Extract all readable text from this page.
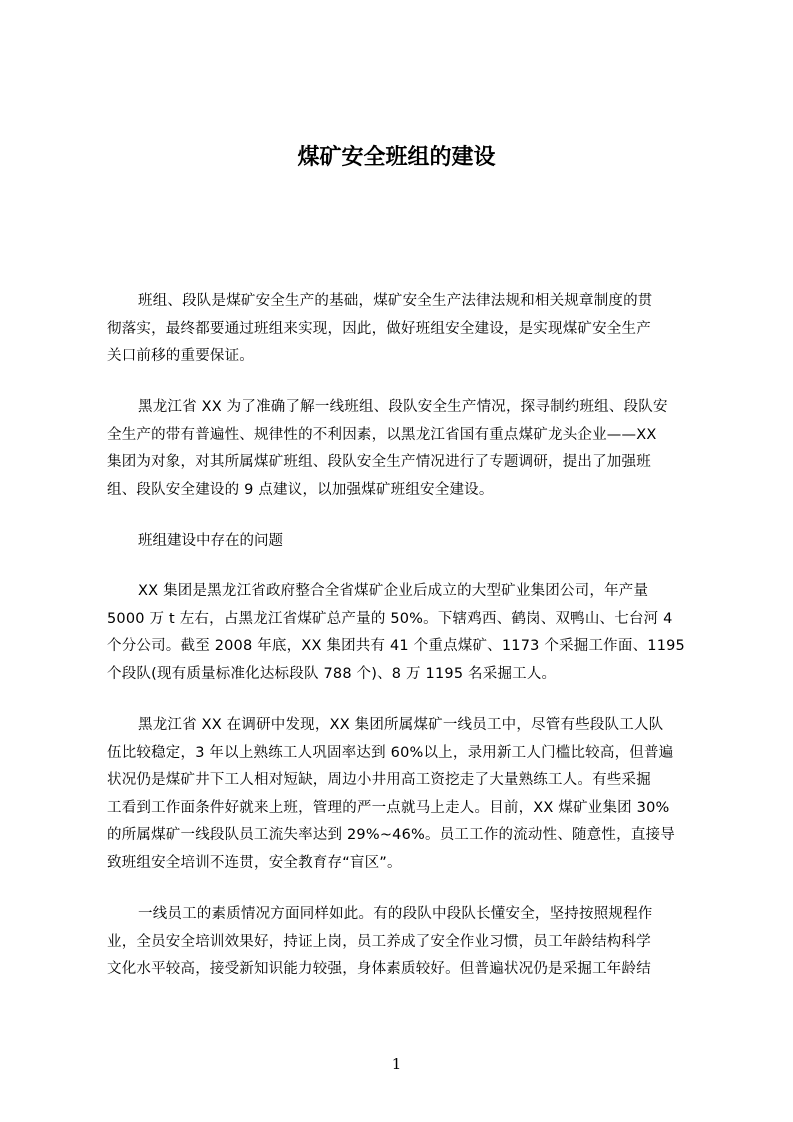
煤矿安全班组的建设

班组、段队是煤矿安全生产的基础，煤矿安全生产法律法规和相关规章制度的贯
彻落实，最终都要通过班组来实现，因此，做好班组安全建设，是实现煤矿安全生产
关口前移的重要保证。

黑龙江省 XX 为了准确了解一线班组、段队安全生产情况，探寻制约班组、段队安
全生产的带有普遍性、规律性的不利因素，以黑龙江省国有重点煤矿龙头企业——XX
集团为对象，对其所属煤矿班组、段队安全生产情况进行了专题调研，提出了加强班
组、段队安全建设的 9 点建议，以加强煤矿班组安全建设。

班组建设中存在的问题

XX 集团是黑龙江省政府整合全省煤矿企业后成立的大型矿业集团公司，年产量
5000 万 t 左右，占黑龙江省煤矿总产量的 50%。下辖鸡西、鹤岗、双鸭山、七台河 4
个分公司。截至 2008 年底，XX 集团共有 41 个重点煤矿、1173 个采掘工作面、1195
个段队(现有质量标准化达标段队 788 个)、8 万 1195 名采掘工人。

黑龙江省 XX 在调研中发现，XX 集团所属煤矿一线员工中，尽管有些段队工人队
伍比较稳定，3 年以上熟练工人巩固率达到 60%以上，录用新工人门槛比较高，但普遍
状况仍是煤矿井下工人相对短缺，周边小井用高工资挖走了大量熟练工人。有些采掘
工看到工作面条件好就来上班，管理的严一点就马上走人。目前，XX 煤矿业集团 30%
的所属煤矿一线段队员工流失率达到 29%~46%。员工工作的流动性、随意性，直接导
致班组安全培训不连贯，安全教育存“盲区”。

一线员工的素质情况方面同样如此。有的段队中段队长懂安全，坚持按照规程作
业，全员安全培训效果好，持证上岗，员工养成了安全作业习惯，员工年龄结构科学
文化水平较高，接受新知识能力较强，身体素质较好。但普遍状况仍是采掘工年龄结

1
